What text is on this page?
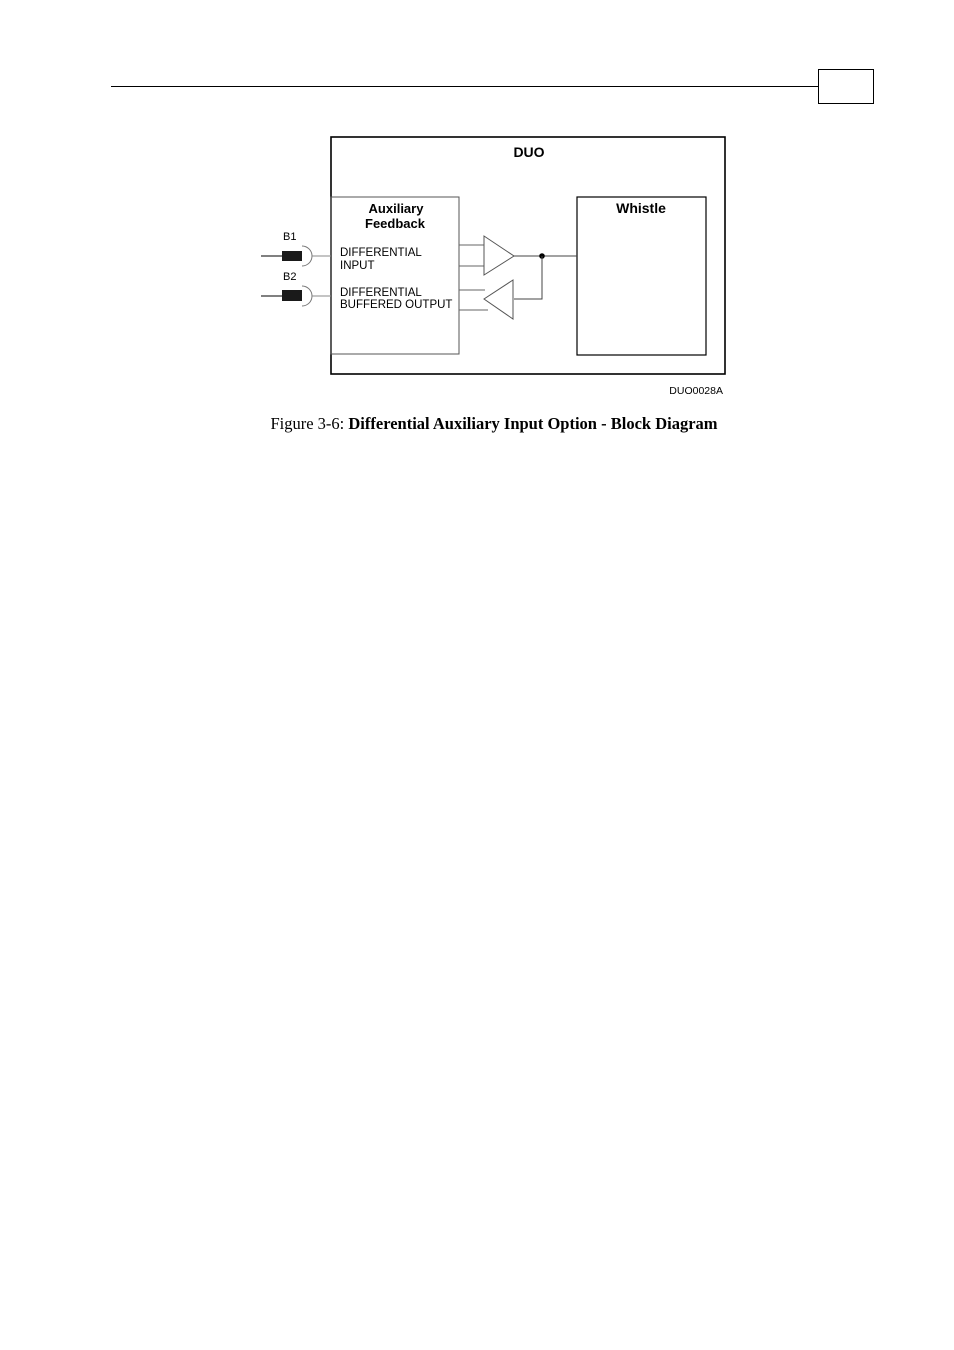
DUO
Auxiliary
Feedback
DIFFERENTIAL
INPUT
DIFFERENTIAL
BUFFERED OUTPUT
Whistle
B1
B2
DUO0028A
Figure 3-6: Differential Auxiliary Input Option - Block Diagram
